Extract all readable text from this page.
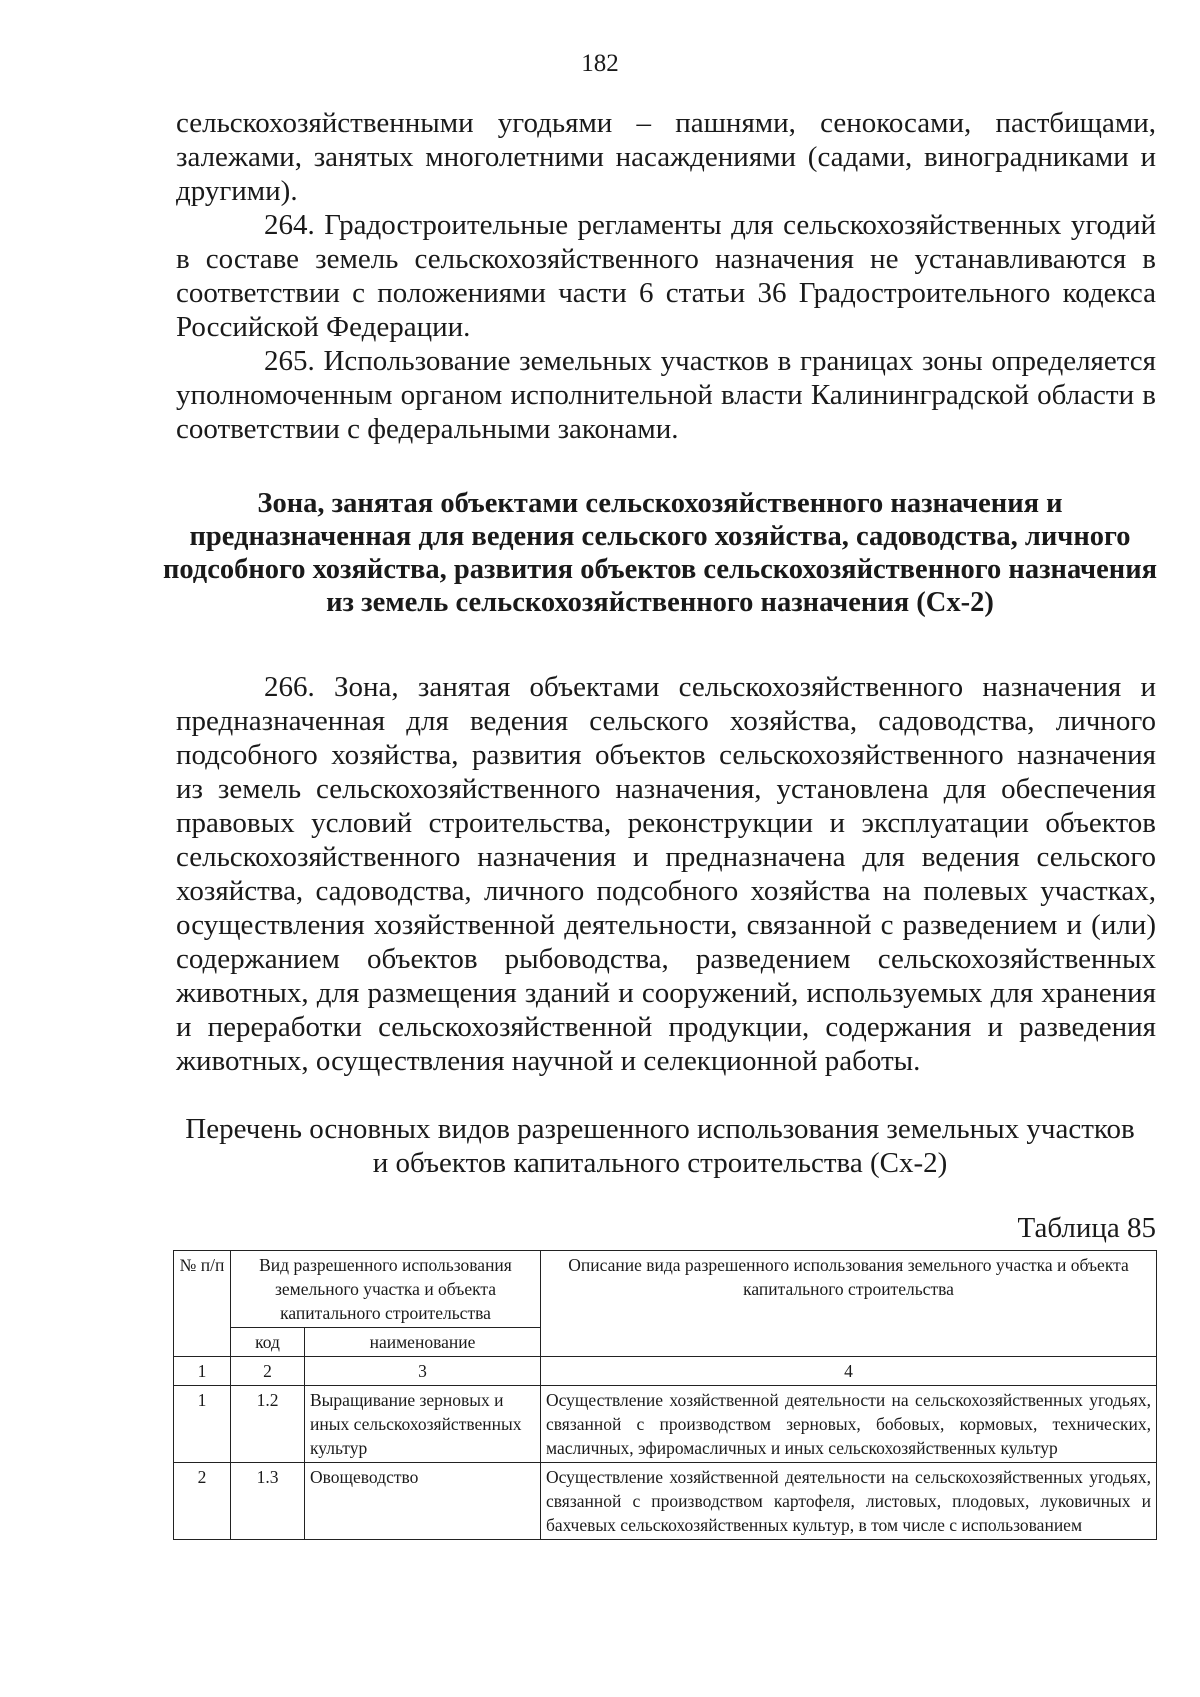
182

сельскохозяйственными угодьями – пашнями, сенокосами, пастбищами, залежами, занятых многолетними насаждениями (садами, виноградниками и другими).

264. Градостроительные регламенты для сельскохозяйственных угодий в составе земель сельскохозяйственного назначения не устанавливаются в соответствии с положениями части 6 статьи 36 Градостроительного кодекса Российской Федерации.

265. Использование земельных участков в границах зоны определяется уполномоченным органом исполнительной власти Калининградской области в соответствии с федеральными законами.

Зона, занятая объектами сельскохозяйственного назначения и предназначенная для ведения сельского хозяйства, садоводства, личного подсобного хозяйства, развития объектов сельскохозяйственного назначения из земель сельскохозяйственного назначения (Сх-2)

266. Зона, занятая объектами сельскохозяйственного назначения и предназначенная для ведения сельского хозяйства, садоводства, личного подсобного хозяйства, развития объектов сельскохозяйственного назначения из земель сельскохозяйственного назначения, установлена для обеспечения правовых условий строительства, реконструкции и эксплуатации объектов сельскохозяйственного назначения и предназначена для ведения сельского хозяйства, садоводства, личного подсобного хозяйства на полевых участках, осуществления хозяйственной деятельности, связанной с разведением и (или) содержанием объектов рыбоводства, разведением сельскохозяйственных животных, для размещения зданий и сооружений, используемых для хранения и переработки сельскохозяйственной продукции, содержания и разведения животных, осуществления научной и селекционной работы.

Перечень основных видов разрешенного использования земельных участков
и объектов капитального строительства (Сх-2)
Таблица 85
№ п/п	Вид разрешенного использования земельного участка и объекта капитального строительства		Описание вида разрешенного использования земельного участка и объекта капитального строительства
	код	наименование	
1	2	3	4
1	1.2	Выращивание зерновых и иных сельскохозяйственных культур	Осуществление хозяйственной деятельности на сельскохозяйственных угодьях, связанной с производством зерновых, бобовых, кормовых, технических, масличных, эфиромасличных и иных сельскохозяйственных культур
2	1.3	Овощеводство	Осуществление хозяйственной деятельности на сельскохозяйственных угодьях, связанной с производством картофеля, листовых, плодовых, луковичных и бахчевых сельскохозяйственных культур, в том числе с использованием
